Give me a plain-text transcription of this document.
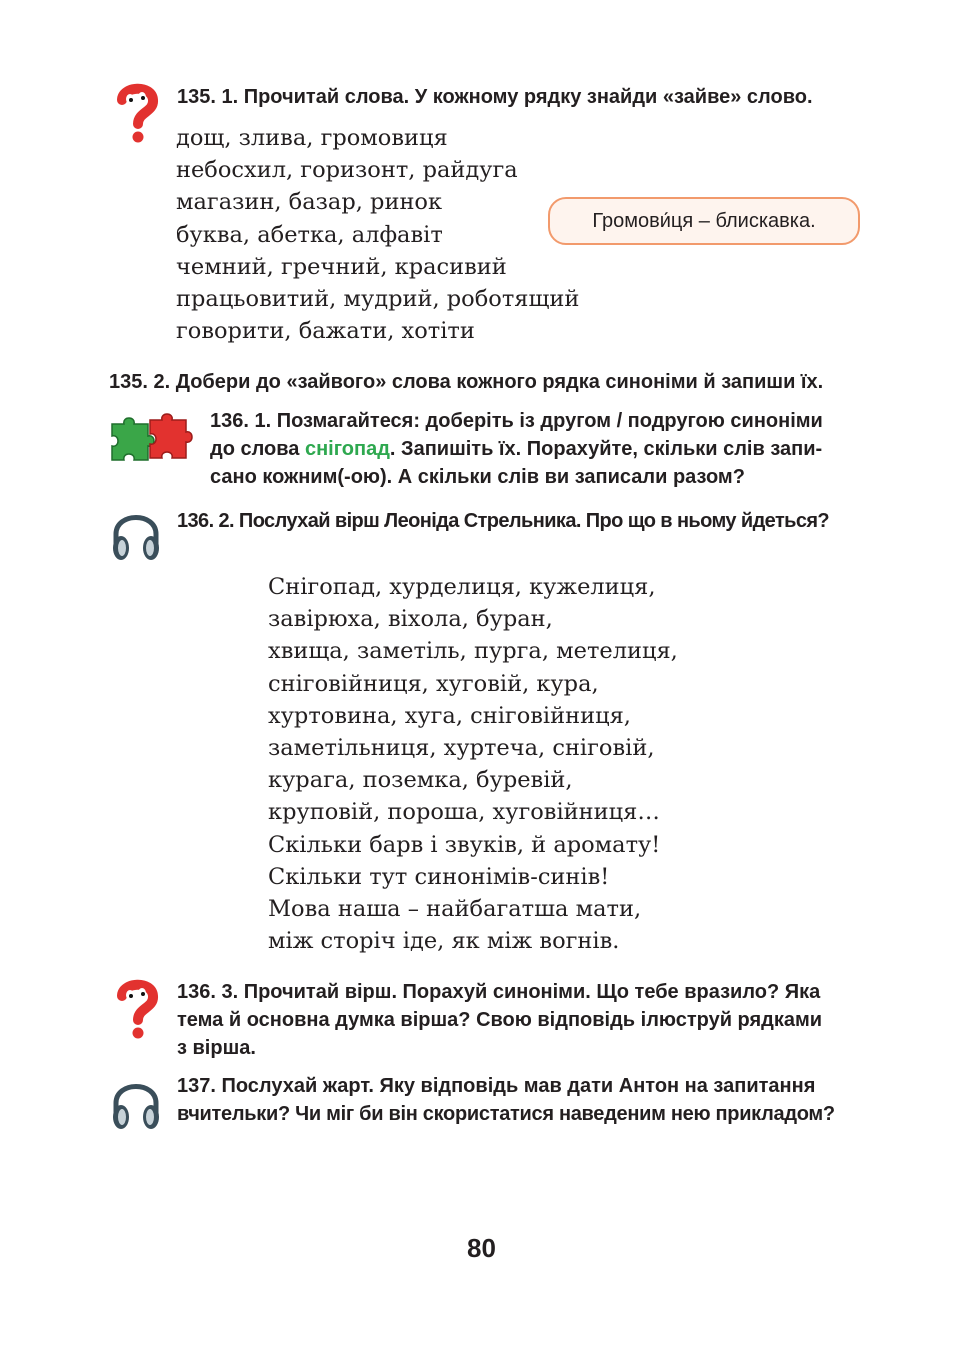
135. 1. Прочитай слова. У кожному рядку знайди «зайве» слово.
дощ, злива, громовиця
небосхил, горизонт, райдуга
магазин, базар, ринок
буква, абетка, алфавіт
чемний, гречний, красивий
працьовитий, мудрий, роботящий
говорити, бажати, хотіти
Громови́ця – блискавка.
135. 2. Добери до «зайвого» слова кожного рядка синоніми й запиши їх.
136. 1. Позмагайтеся: доберіть із другом / подругою синоніми
до слова снігопад. Запишіть їх. Порахуйте, скільки слів запи-
сано кожним(-ою). А скільки слів ви записали разом?
136. 2. Послухай вірш Леоніда Стрельника. Про що в ньому йдеться?
Снігопад, хурделиця, кужелиця,
завірюха, віхола, буран,
хвища, заметіль, пурга, метелиця,
сніговійниця, хуговій, кура,
хуртовина, хуга, сніговійниця,
заметільниця, хуртеча, сніговій,
курага, поземка, буревій,
круповій, пороша, хуговійниця…
Скільки барв і звуків, й аромату!
Скільки тут синонімів-синів!
Мова наша – найбагатша мати,
між сторіч іде, як між вогнів.
136. 3. Прочитай вірш. Порахуй синоніми. Що тебе вразило? Яка
тема й основна думка вірша? Свою відповідь ілюструй рядками
з вірша.
137. Послухай жарт. Яку відповідь мав дати Антон на запитання
вчительки? Чи міг би він скористатися наведеним нею прикладом?
80
